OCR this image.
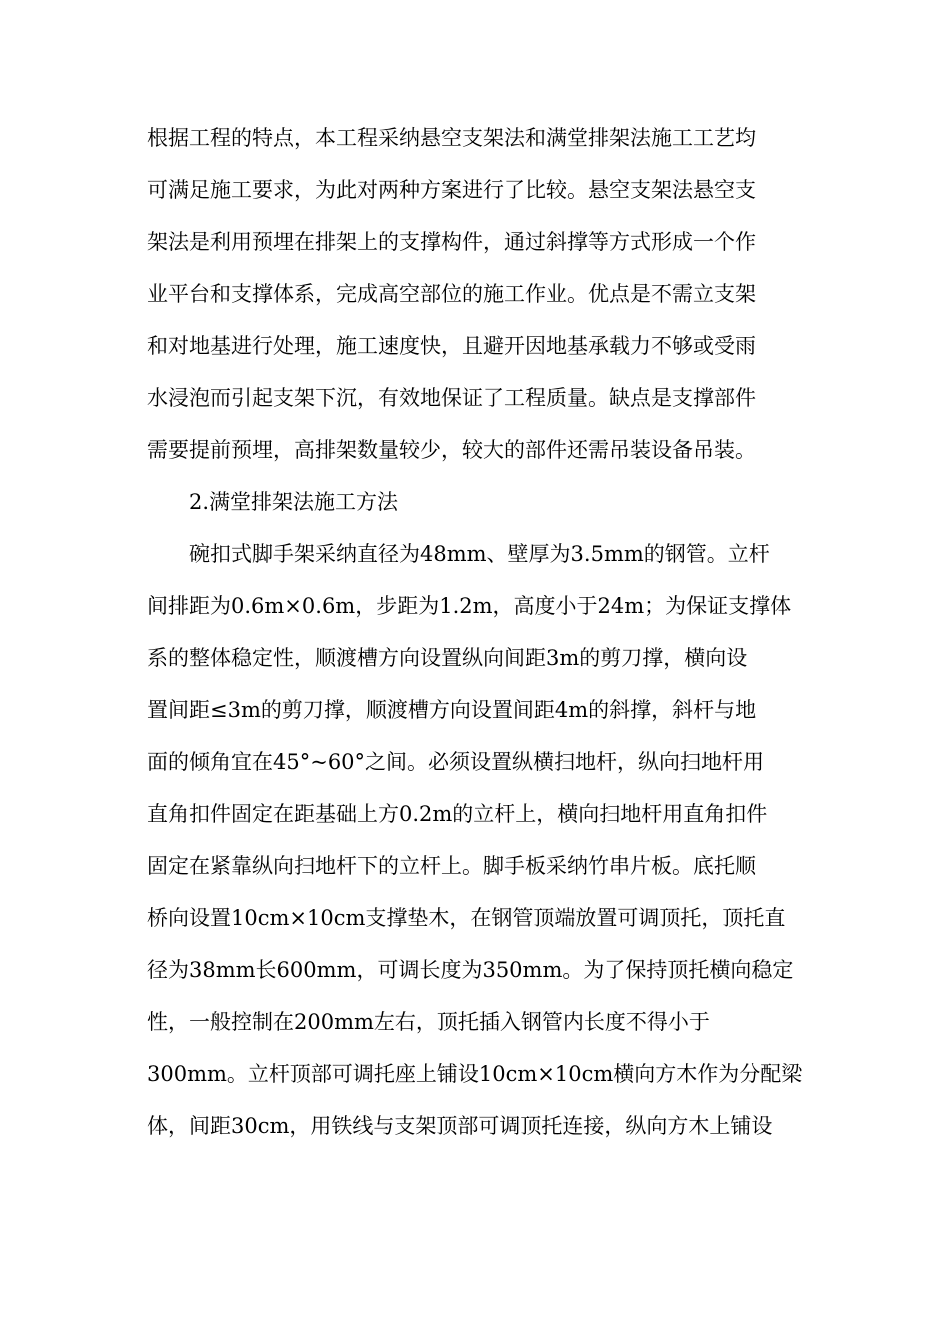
根据工程的特点，本工程采纳悬空支架法和满堂排架法施工工艺均
可满足施工要求，为此对两种方案进行了比较。悬空支架法悬空支
架法是利用预埋在排架上的支撑构件，通过斜撑等方式形成一个作
业平台和支撑体系，完成高空部位的施工作业。优点是不需立支架
和对地基进行处理，施工速度快，且避开因地基承载力不够或受雨
水浸泡而引起支架下沉，有效地保证了工程质量。缺点是支撑部件
需要提前预埋，高排架数量较少，较大的部件还需吊装设备吊装。
2.满堂排架法施工方法
碗扣式脚手架采纳直径为48mm、壁厚为3.5mm的钢管。立杆
间排距为0.6m×0.6m，步距为1.2m，高度小于24m；为保证支撑体
系的整体稳定性，顺渡槽方向设置纵向间距3m的剪刀撑，横向设
置间距≤3m的剪刀撑，顺渡槽方向设置间距4m的斜撑，斜杆与地
面的倾角宜在45°~60°之间。必须设置纵横扫地杆，纵向扫地杆用
直角扣件固定在距基础上方0.2m的立杆上，横向扫地杆用直角扣件
固定在紧靠纵向扫地杆下的立杆上。脚手板采纳竹串片板。底托顺
桥向设置10cm×10cm支撑垫木，在钢管顶端放置可调顶托，顶托直
径为38mm长600mm，可调长度为350mm。为了保持顶托横向稳定
性，一般控制在200mm左右，顶托插入钢管内长度不得小于
300mm。立杆顶部可调托座上铺设10cm×10cm横向方木作为分配梁
体，间距30cm，用铁线与支架顶部可调顶托连接，纵向方木上铺设
